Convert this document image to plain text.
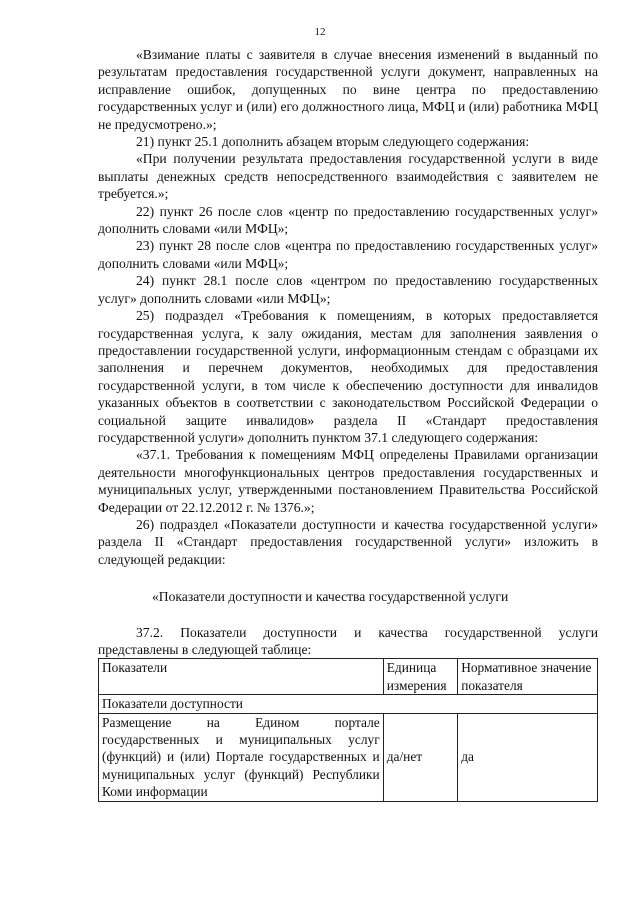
12

«Взимание платы с заявителя в случае внесения изменений в выданный по результатам предоставления государственной услуги документ, направленных на исправление ошибок, допущенных по вине центра по предоставлению государственных услуг и (или) его должностного лица, МФЦ и (или) работника МФЦ не предусмотрено.»;

21) пункт 25.1 дополнить абзацем вторым следующего содержания:

«При получении результата предоставления государственной услуги в виде выплаты денежных средств непосредственного взаимодействия с заявителем не требуется.»;

22) пункт 26 после слов «центр по предоставлению государственных услуг» дополнить словами «или МФЦ»;

23) пункт 28 после слов «центра по предоставлению государственных услуг» дополнить словами «или МФЦ»;

24) пункт 28.1 после слов «центром по предоставлению государственных услуг» дополнить словами «или МФЦ»;

25) подраздел «Требования к помещениям, в которых предоставляется государственная услуга, к залу ожидания, местам для заполнения заявления о предоставлении государственной услуги, информационным стендам с образцами их заполнения и перечнем документов, необходимых для предоставления государственной услуги, в том числе к обеспечению доступности для инвалидов указанных объектов в соответствии с законодательством Российской Федерации о социальной защите инвалидов» раздела II «Стандарт предоставления государственной услуги» дополнить пунктом 37.1 следующего содержания:

«37.1. Требования к помещениям МФЦ определены Правилами организации деятельности многофункциональных центров предоставления государственных и муниципальных услуг, утвержденными постановлением Правительства Российской Федерации от 22.12.2012 г. № 1376.»;

26) подраздел «Показатели доступности и качества государственной услуги» раздела II «Стандарт предоставления государственной услуги» изложить в следующей редакции:

«Показатели доступности и качества государственной услуги

37.2. Показатели доступности и качества государственной услуги представлены в следующей таблице:

Показатели	Единица измерения	Нормативное значение показателя
Показатели доступности		
Размещение на Едином портале государственных и муниципальных услуг (функций) и (или) Портале государственных и муниципальных услуг (функций) Республики Коми информации	да/нет	да
